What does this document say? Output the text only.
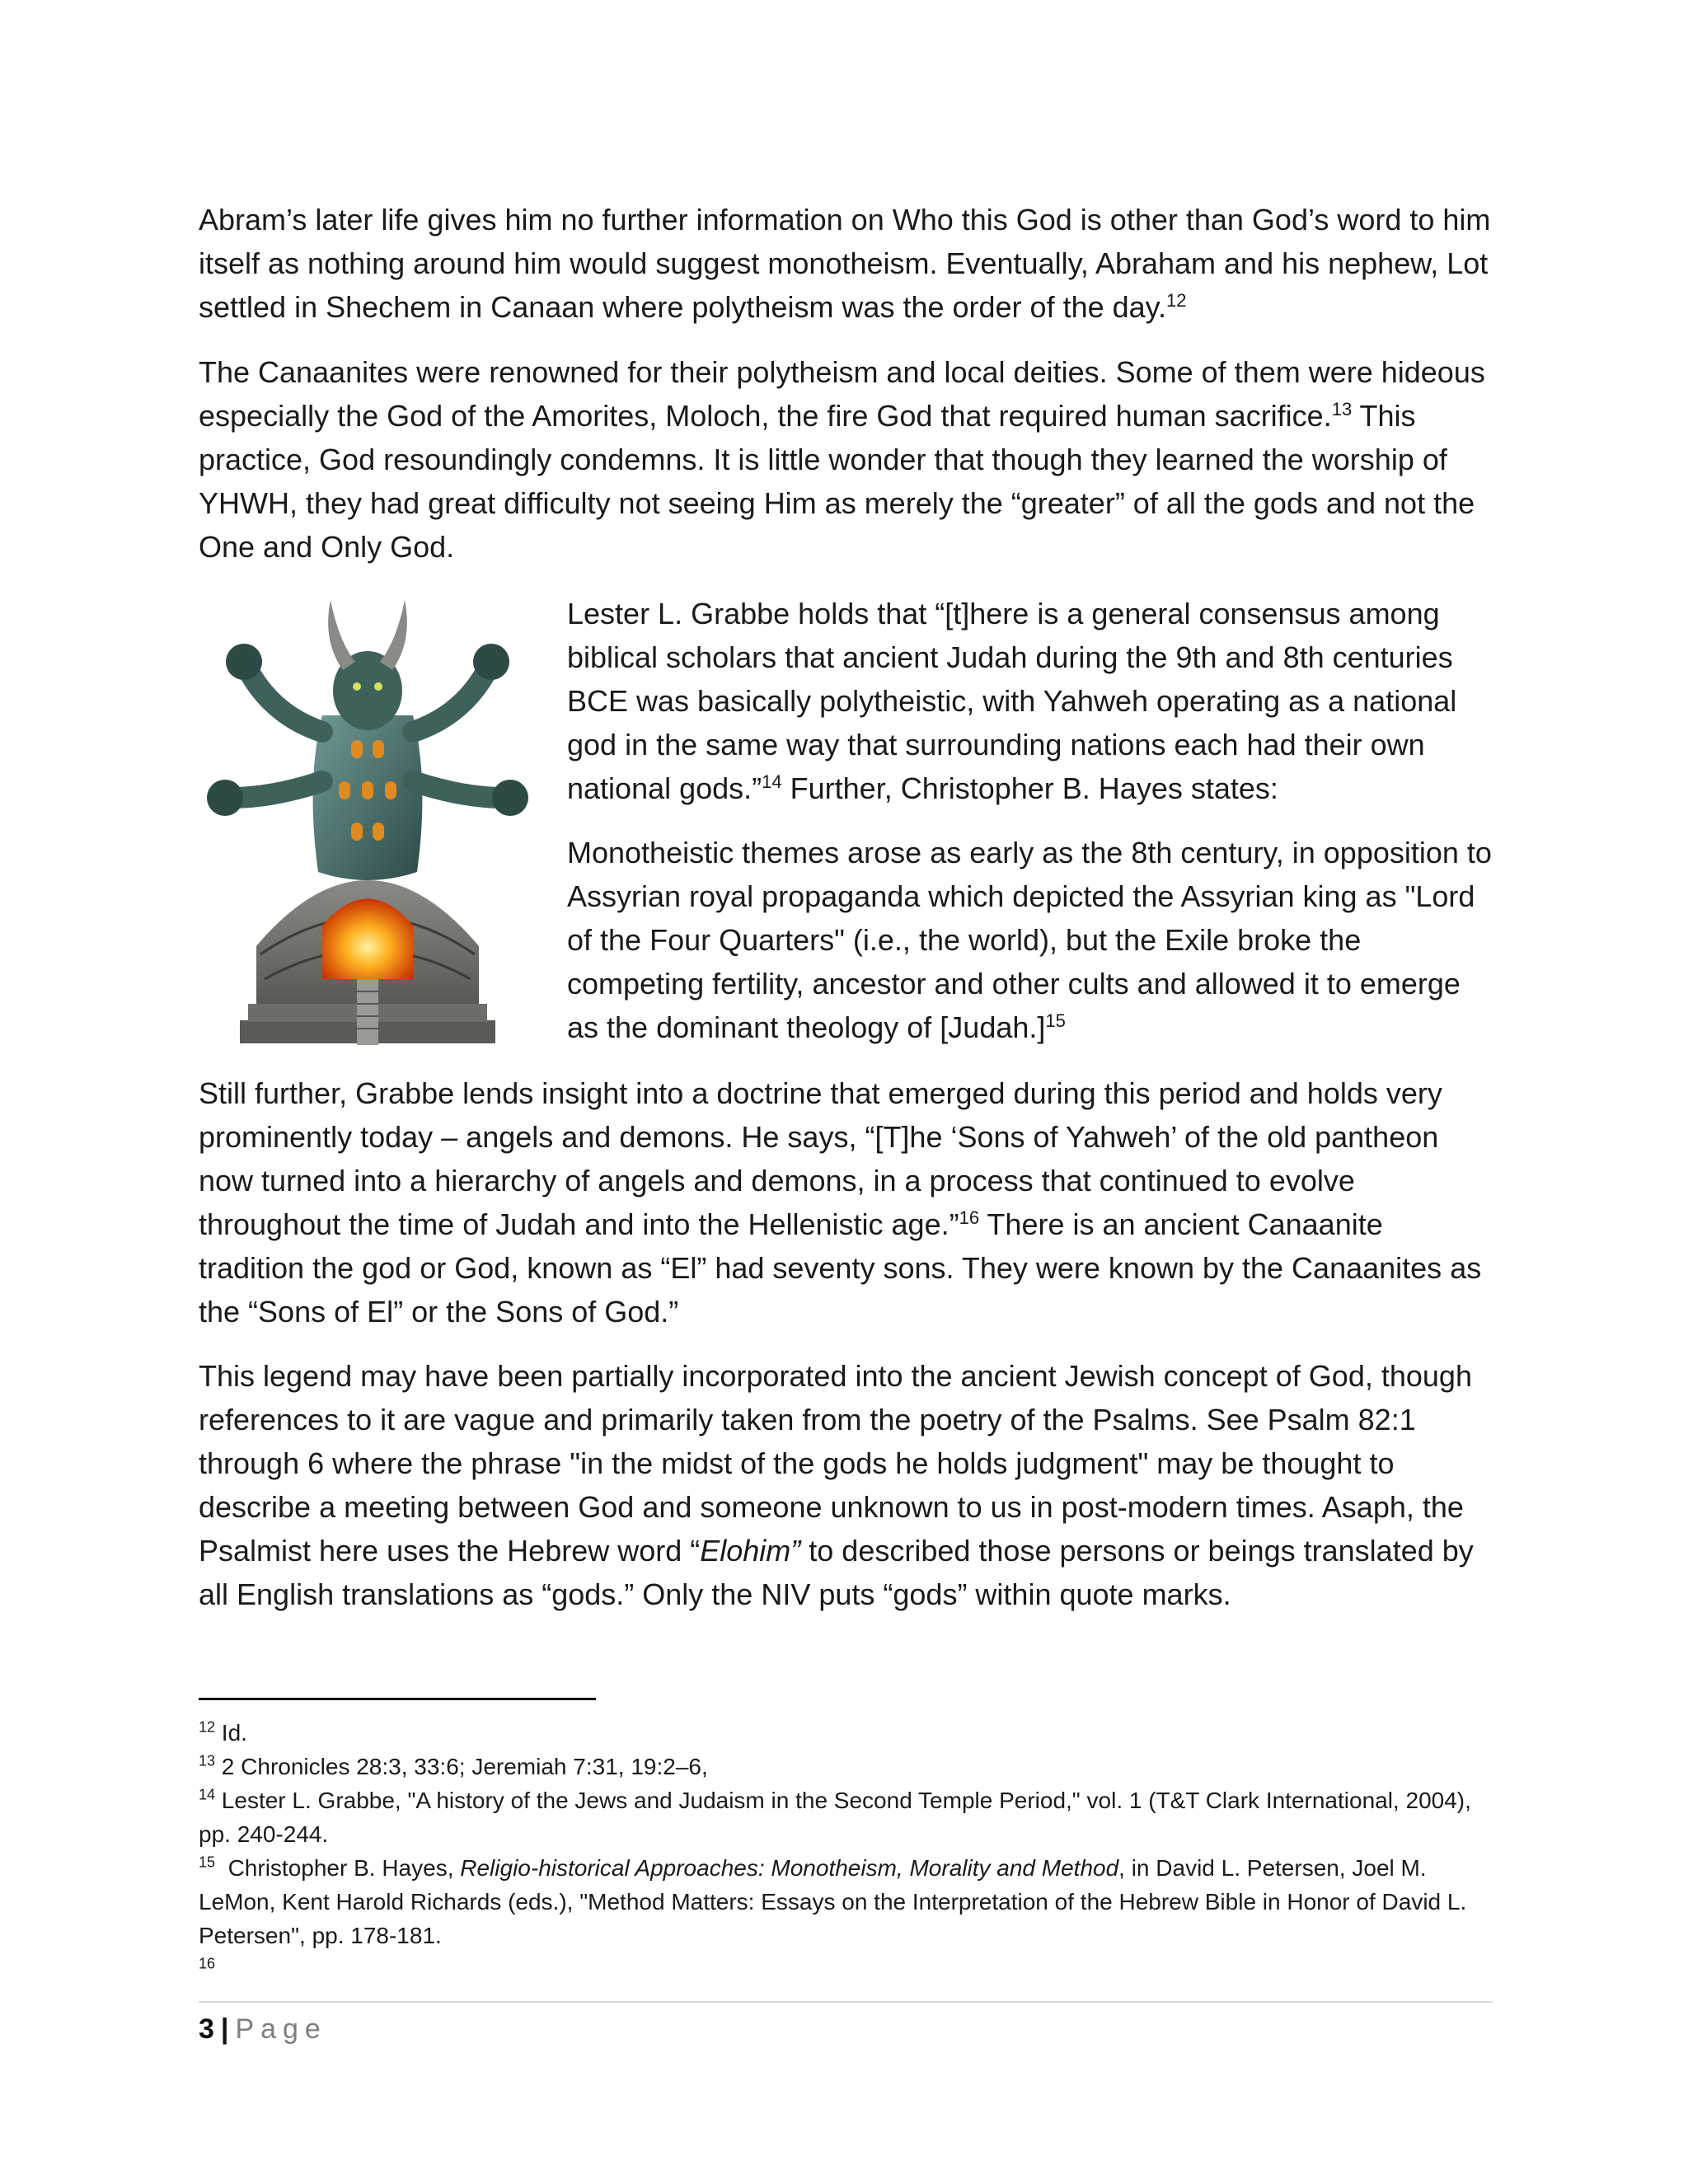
Abram’s later life gives him no further information on Who this God is other than God’s word to him itself as nothing around him would suggest monotheism. Eventually, Abraham and his nephew, Lot settled in Shechem in Canaan where polytheism was the order of the day.$^{12}$

The Canaanites were renowned for their polytheism and local deities. Some of them were hideous especially the God of the Amorites, Moloch, the fire God that required human sacrifice.$^{13}$ This practice, God resoundingly condemns. It is little wonder that though they learned the worship of YHWH, they had great difficulty not seeing Him as merely the “greater” of all the gods and not the One and Only God.

Lester L. Grabbe holds that “[t]here is a general consensus among biblical scholars that ancient Judah during the 9th and 8th centuries BCE was basically polytheistic, with Yahweh operating as a national god in the same way that surrounding nations each had their own national gods.”$^{14}$ Further, Christopher B. Hayes states:

Monotheistic themes arose as early as the 8th century, in opposition to Assyrian royal propaganda which depicted the Assyrian king as "Lord of the Four Quarters" (i.e., the world), but the Exile broke the competing fertility, ancestor and other cults and allowed it to emerge as the dominant theology of [Judah.]$^{15}$

Still further, Grabbe lends insight into a doctrine that emerged during this period and holds very prominently today – angels and demons. He says, “[T]he ‘Sons of Yahweh’ of the old pantheon now turned into a hierarchy of angels and demons, in a process that continued to evolve throughout the time of Judah and into the Hellenistic age.”$^{16}$ There is an ancient Canaanite tradition the god or God, known as “El” had seventy sons. They were known by the Canaanites as the “Sons of El” or the Sons of God.”

This legend may have been partially incorporated into the ancient Jewish concept of God, though references to it are vague and primarily taken from the poetry of the Psalms. See Psalm 82:1 through 6 where the phrase "in the midst of the gods he holds judgment" may be thought to describe a meeting between God and someone unknown to us in post-modern times. Asaph, the Psalmist here uses the Hebrew word “Elohim” to described those persons or beings translated by all English translations as “gods.” Only the NIV puts “gods” within quote marks.

$^{12}$ Id.

$^{13}$ 2 Chronicles 28:3, 33:6; Jeremiah 7:31, 19:2–6,

$^{14}$ Lester L. Grabbe, "A history of the Jews and Judaism in the Second Temple Period," vol. 1 (T&T Clark International, 2004), pp. 240-244.

$^{15}$  Christopher B. Hayes, Religio-historical Approaches: Monotheism, Morality and Method, in David L. Petersen, Joel M. LeMon, Kent Harold Richards (eds.), "Method Matters: Essays on the Interpretation of the Hebrew Bible in Honor of David L. Petersen", pp. 178-181.

$^{16}$

3 | Page
